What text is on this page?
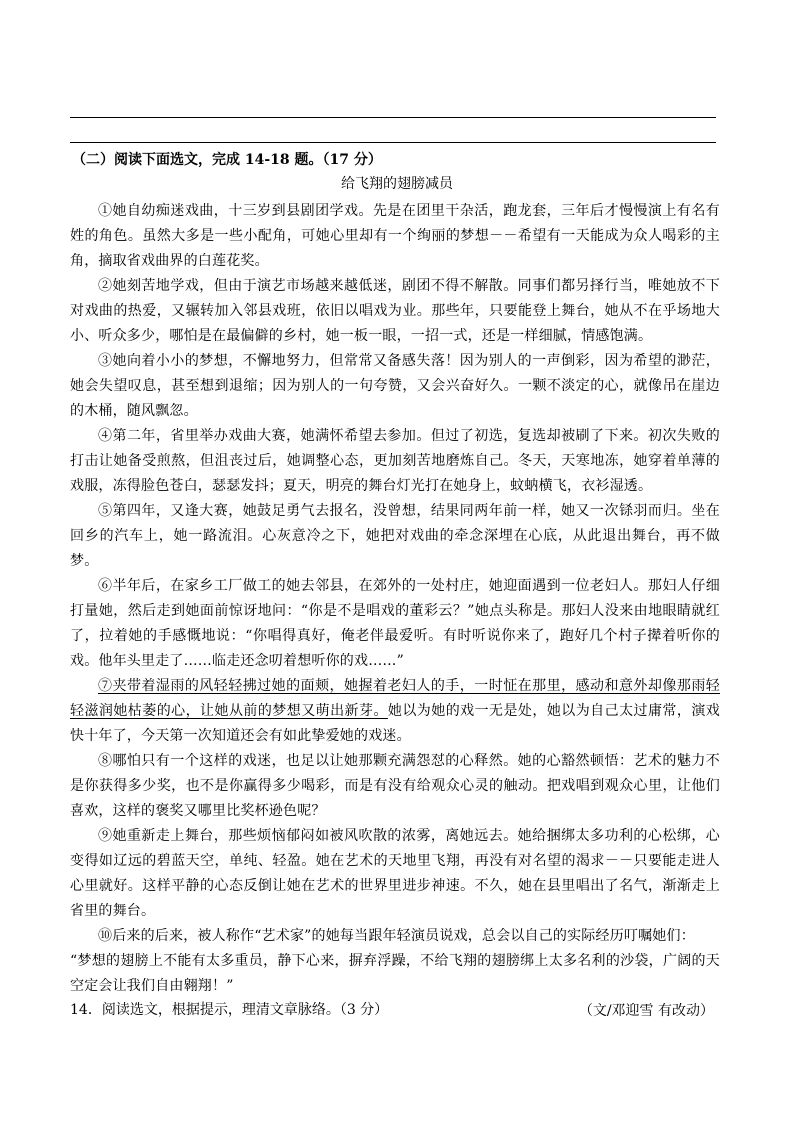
（二）阅读下面选文，完成 14-18 题。（17 分）
给飞翔的翅膀减员

①她自幼痴迷戏曲，十三岁到县剧团学戏。先是在团里干杂活，跑龙套，三年后才慢慢演上有名有姓的角色。虽然大多是一些小配角，可她心里却有一个绚丽的梦想－－希望有一天能成为众人喝彩的主角，摘取省戏曲界的白莲花奖。

②她刻苦地学戏，但由于演艺市场越来越低迷，剧团不得不解散。同事们都另择行当，唯她放不下对戏曲的热爱，又辗转加入邻县戏班，依旧以唱戏为业。那些年，只要能登上舞台，她从不在乎场地大小、听众多少，哪怕是在最偏僻的乡村，她一板一眼，一招一式，还是一样细腻，情感饱满。

③她向着小小的梦想，不懈地努力，但常常又备感失落！因为别人的一声倒彩，因为希望的渺茫，她会失望叹息，甚至想到退缩；因为别人的一句夸赞，又会兴奋好久。一颗不淡定的心，就像吊在崖边的木桶，随风飘忽。

④第二年，省里举办戏曲大赛，她满怀希望去参加。但过了初选，复选却被刷了下来。初次失败的打击让她备受煎熬，但沮丧过后，她调整心态，更加刻苦地磨炼自己。冬天，天寒地冻，她穿着单薄的戏服，冻得脸色苍白，瑟瑟发抖；夏天，明亮的舞台灯光打在她身上，蚊蚋横飞，衣衫湿透。

⑤第四年，又逢大赛，她鼓足勇气去报名，没曾想，结果同两年前一样，她又一次铩羽而归。坐在回乡的汽车上，她一路流泪。心灰意冷之下，她把对戏曲的牵念深埋在心底，从此退出舞台，再不做梦。

⑥半年后，在家乡工厂做工的她去邻县，在郊外的一处村庄，她迎面遇到一位老妇人。那妇人仔细打量她，然后走到她面前惊讶地问：“你是不是唱戏的董彩云？”她点头称是。那妇人没来由地眼睛就红了，拉着她的手感慨地说：“你唱得真好，俺老伴最爱听。有时听说你来了，跑好几个村子撵着听你的戏。他年头里走了……临走还念叨着想听你的戏……”

⑦夹带着湿雨的风轻轻拂过她的面颊，她握着老妇人的手，一时怔在那里，感动和意外却像那雨轻轻滋润她枯萎的心，让她从前的梦想又萌出新芽。她以为她的戏一无是处，她以为自己太过庸常，演戏快十年了，今天第一次知道还会有如此挚爱她的戏迷。

⑧哪怕只有一个这样的戏迷，也足以让她那颗充满怨怼的心释然。她的心豁然顿悟：艺术的魅力不是你获得多少奖，也不是你赢得多少喝彩，而是有没有给观众心灵的触动。把戏唱到观众心里，让他们喜欢，这样的褒奖又哪里比奖杯逊色呢？

⑨她重新走上舞台，那些烦恼郁闷如被风吹散的浓雾，离她远去。她给捆绑太多功利的心松绑，心变得如辽远的碧蓝天空，单纯、轻盈。她在艺术的天地里飞翔，再没有对名望的渴求－－只要能走进人心里就好。这样平静的心态反倒让她在艺术的世界里进步神速。不久，她在县里唱出了名气，渐渐走上省里的舞台。

⑩后来的后来，被人称作“艺术家”的她每当跟年轻演员说戏，总会以自己的实际经历叮嘱她们：

“梦想的翅膀上不能有太多重员，静下心来，摒弃浮躁，不给飞翔的翅膀绑上太多名利的沙袋，广阔的天空定会让我们自由翱翔！”

（文/邓迎雪 有改动）

14．阅读选文，根据提示，理清文章脉络。（3 分）
